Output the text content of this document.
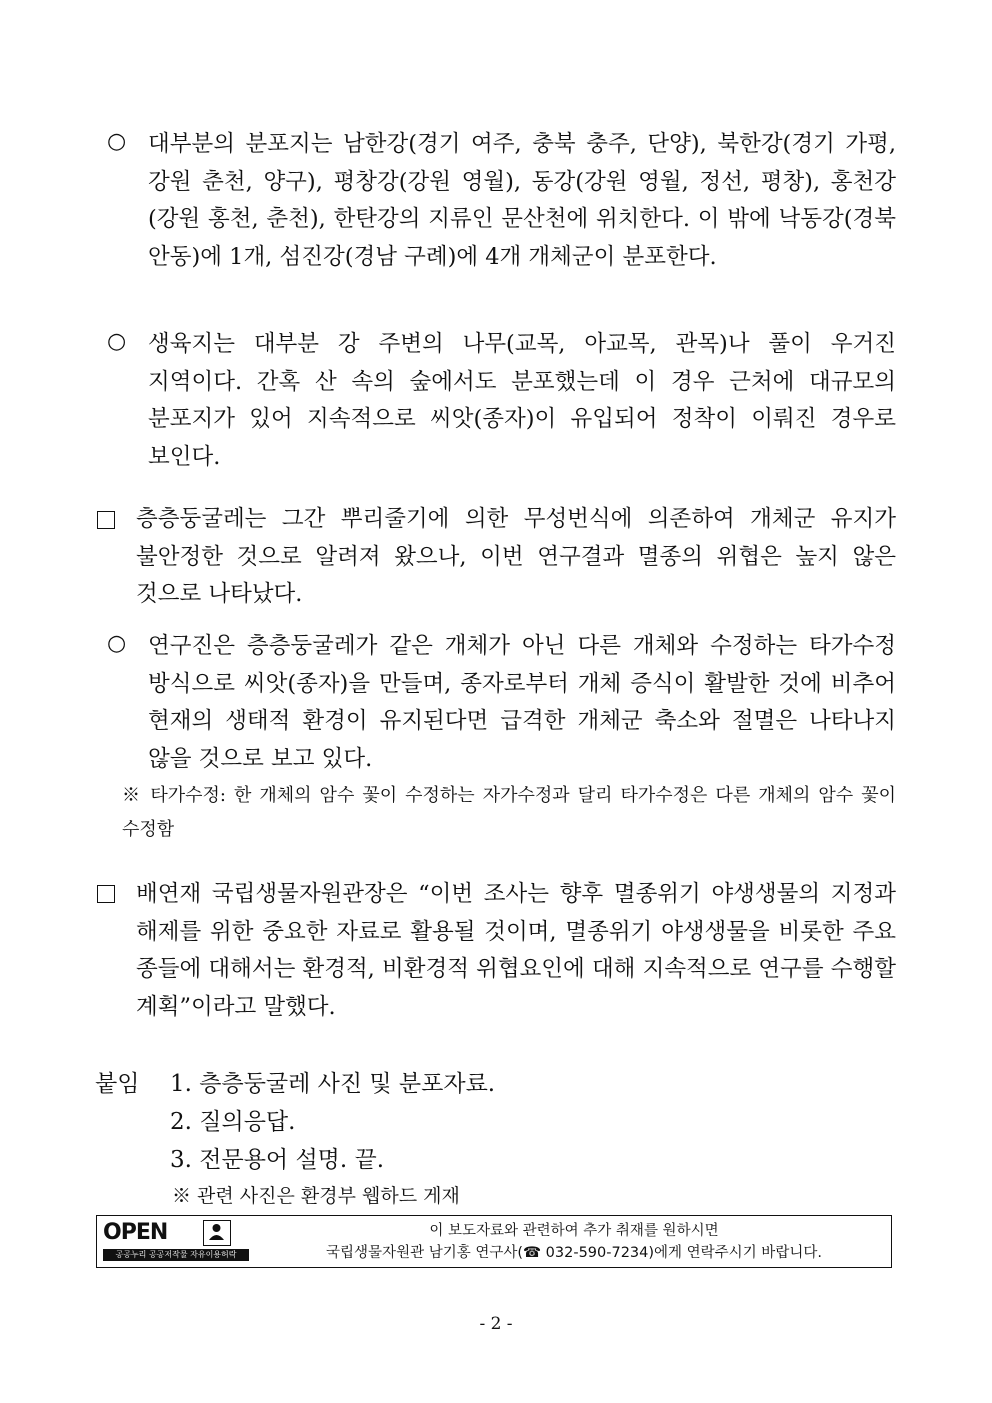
○ 대부분의 분포지는 남한강(경기 여주, 충북 충주, 단양), 북한강(경기 가평, 강원 춘천, 양구), 평창강(강원 영월), 동강(강원 영월, 정선, 평창), 홍천강(강원 홍천, 춘천), 한탄강의 지류인 문산천에 위치한다. 이 밖에 낙동강(경북 안동)에 1개, 섬진강(경남 구례)에 4개 개체군이 분포한다.

○ 생육지는 대부분 강 주변의 나무(교목, 아교목, 관목)나 풀이 우거진 지역이다. 간혹 산 속의 숲에서도 분포했는데 이 경우 근처에 대규모의 분포지가 있어 지속적으로 씨앗(종자)이 유입되어 정착이 이뤄진 경우로 보인다.

층층둥굴레는 그간 뿌리줄기에 의한 무성번식에 의존하여 개체군 유지가 불안정한 것으로 알려져 왔으나, 이번 연구결과 멸종의 위협은 높지 않은 것으로 나타났다.

○ 연구진은 층층둥굴레가 같은 개체가 아닌 다른 개체와 수정하는 타가수정 방식으로 씨앗(종자)을 만들며, 종자로부터 개체 증식이 활발한 것에 비추어 현재의 생태적 환경이 유지된다면 급격한 개체군 축소와 절멸은 나타나지 않을 것으로 보고 있다.

※ 타가수정: 한 개체의 암수 꽃이 수정하는 자가수정과 달리 타가수정은 다른 개체의 암수 꽃이 수정함

배연재 국립생물자원관장은 “이번 조사는 향후 멸종위기 야생생물의 지정과 해제를 위한 중요한 자료로 활용될 것이며, 멸종위기 야생생물을 비롯한 주요 종들에 대해서는 환경적, 비환경적 위협요인에 대해 지속적으로 연구를 수행할 계획”이라고 말했다.

붙임 1. 층층둥굴레 사진 및 분포자료.
2. 질의응답.
3. 전문용어 설명. 끝.
※ 관련 사진은 환경부 웹하드 게재
OPEN
공공누리 공공저작물 자유이용허락
이 보도자료와 관련하여 추가 취재를 원하시면
국립생물자원관 남기홍 연구사(☎ 032-590-7234)에게 연락주시기 바랍니다.
- 2 -
